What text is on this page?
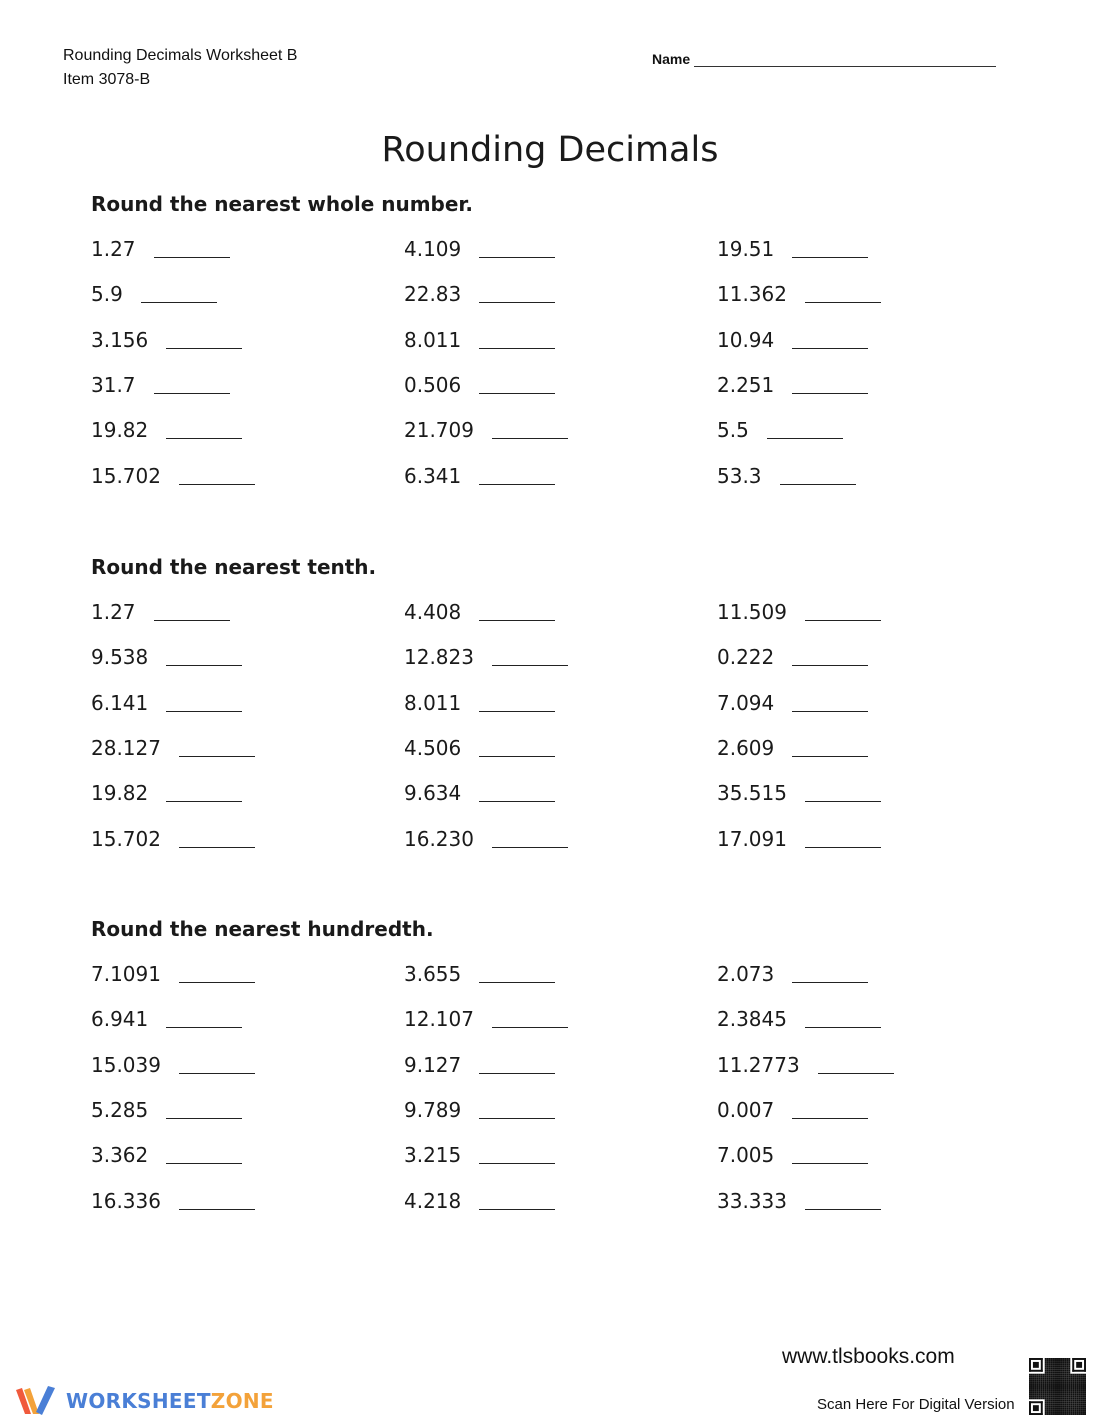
Rounding Decimals Worksheet B
Item 3078-B
Name
Rounding Decimals
Round the nearest whole number.
1.27
5.9
3.156
31.7
19.82
15.702
4.109
22.83
8.011
0.506
21.709
6.341
19.51
11.362
10.94
2.251
5.5
53.3
Round the nearest tenth.
1.27
9.538
6.141
28.127
19.82
15.702
4.408
12.823
8.011
4.506
9.634
16.230
11.509
0.222
7.094
2.609
35.515
17.091
Round the nearest hundredth.
7.1091
6.941
15.039
5.285
3.362
16.336
3.655
12.107
9.127
9.789
3.215
4.218
2.073
2.3845
11.2773
0.007
7.005
33.333
www.tlsbooks.com
Scan Here For Digital Version
WORKSHEETZONE
